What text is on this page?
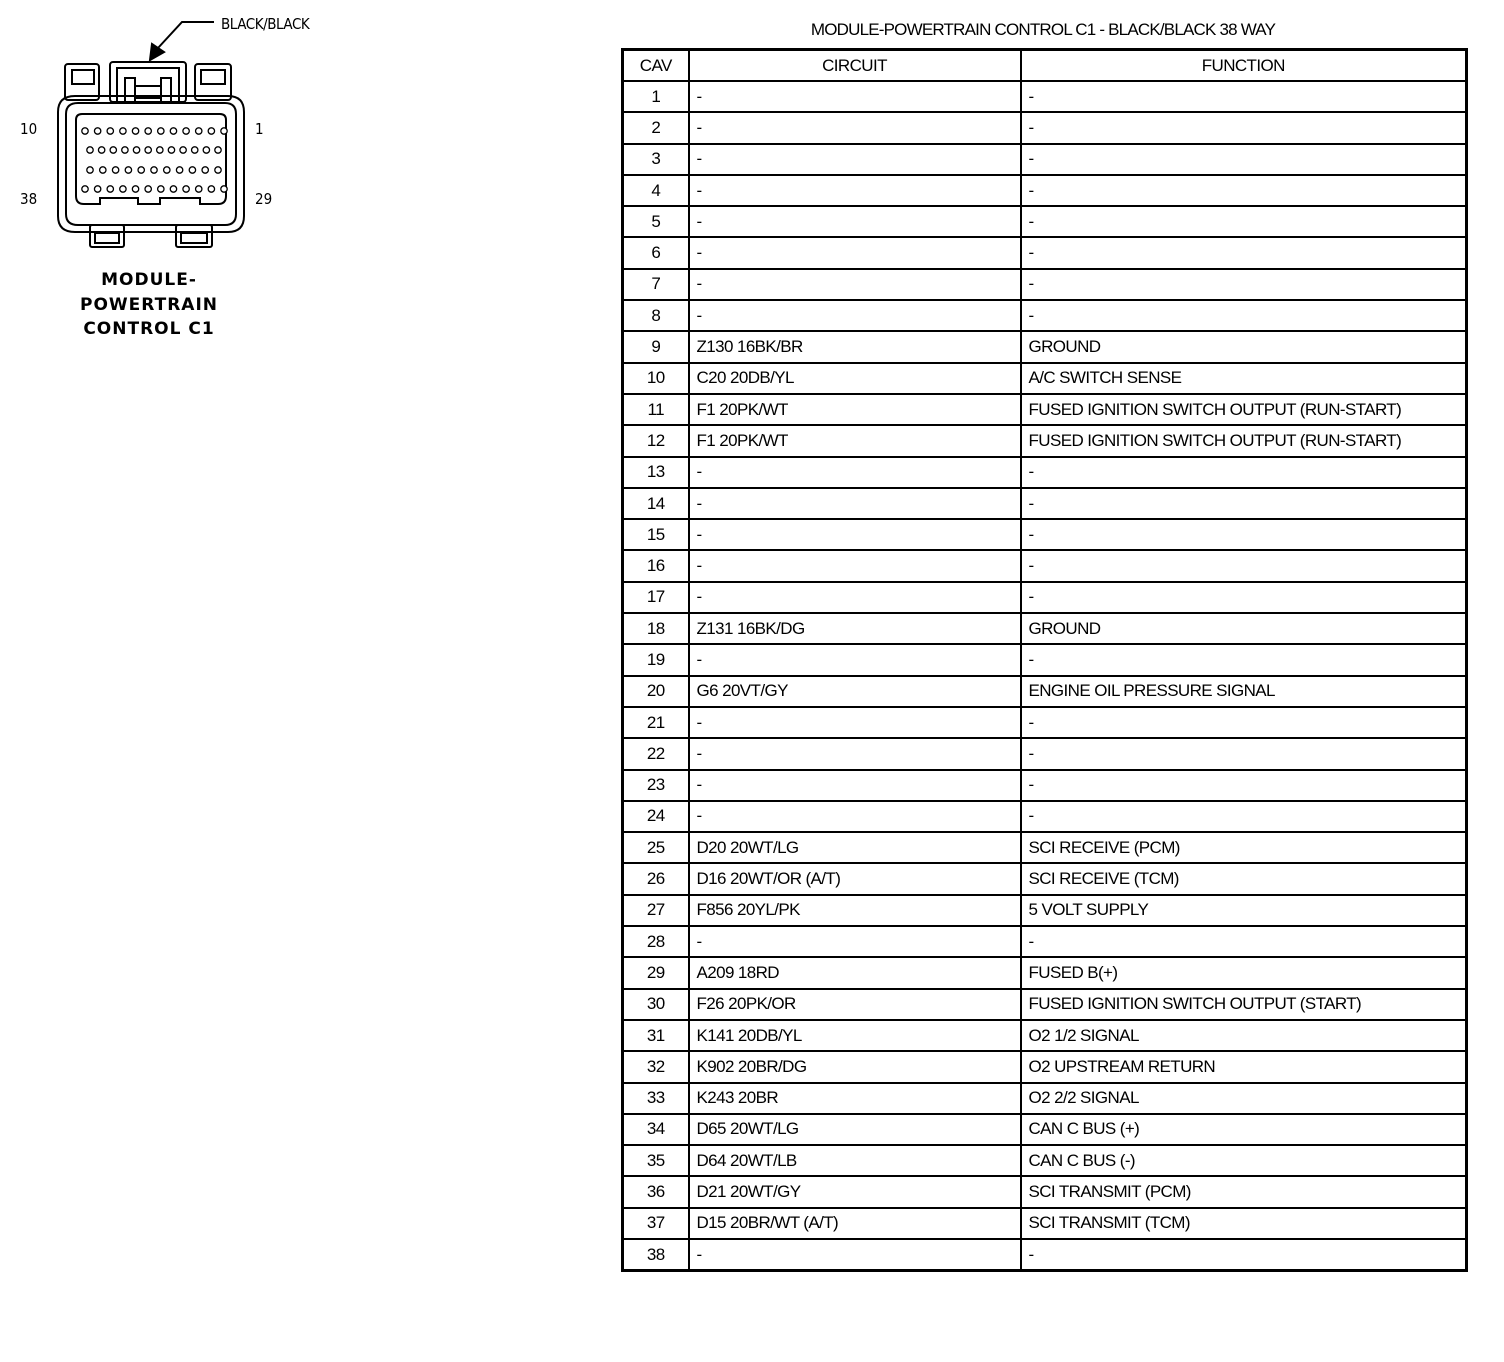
BLACK/BLACK
10	1
38	29
MODULE-
POWERTRAIN
CONTROL C1
MODULE-POWERTRAIN CONTROL C1 - BLACK/BLACK 38 WAY
CAV	CIRCUIT	FUNCTION
1	-	-
2	-	-
3	-	-
4	-	-
5	-	-
6	-	-
7	-	-
8	-	-
9	Z130 16BK/BR	GROUND
10	C20 20DB/YL	A/C SWITCH SENSE
11	F1 20PK/WT	FUSED IGNITION SWITCH OUTPUT (RUN-START)
12	F1 20PK/WT	FUSED IGNITION SWITCH OUTPUT (RUN-START)
13	-	-
14	-	-
15	-	-
16	-	-
17	-	-
18	Z131 16BK/DG	GROUND
19	-	-
20	G6 20VT/GY	ENGINE OIL PRESSURE SIGNAL
21	-	-
22	-	-
23	-	-
24	-	-
25	D20 20WT/LG	SCI RECEIVE (PCM)
26	D16 20WT/OR (A/T)	SCI RECEIVE (TCM)
27	F856 20YL/PK	5 VOLT SUPPLY
28	-	-
29	A209 18RD	FUSED B(+)
30	F26 20PK/OR	FUSED IGNITION SWITCH OUTPUT (START)
31	K141 20DB/YL	O2 1/2 SIGNAL
32	K902 20BR/DG	O2 UPSTREAM RETURN
33	K243 20BR	O2 2/2 SIGNAL
34	D65 20WT/LG	CAN C BUS (+)
35	D64 20WT/LB	CAN C BUS (-)
36	D21 20WT/GY	SCI TRANSMIT (PCM)
37	D15 20BR/WT (A/T)	SCI TRANSMIT (TCM)
38	-	-
